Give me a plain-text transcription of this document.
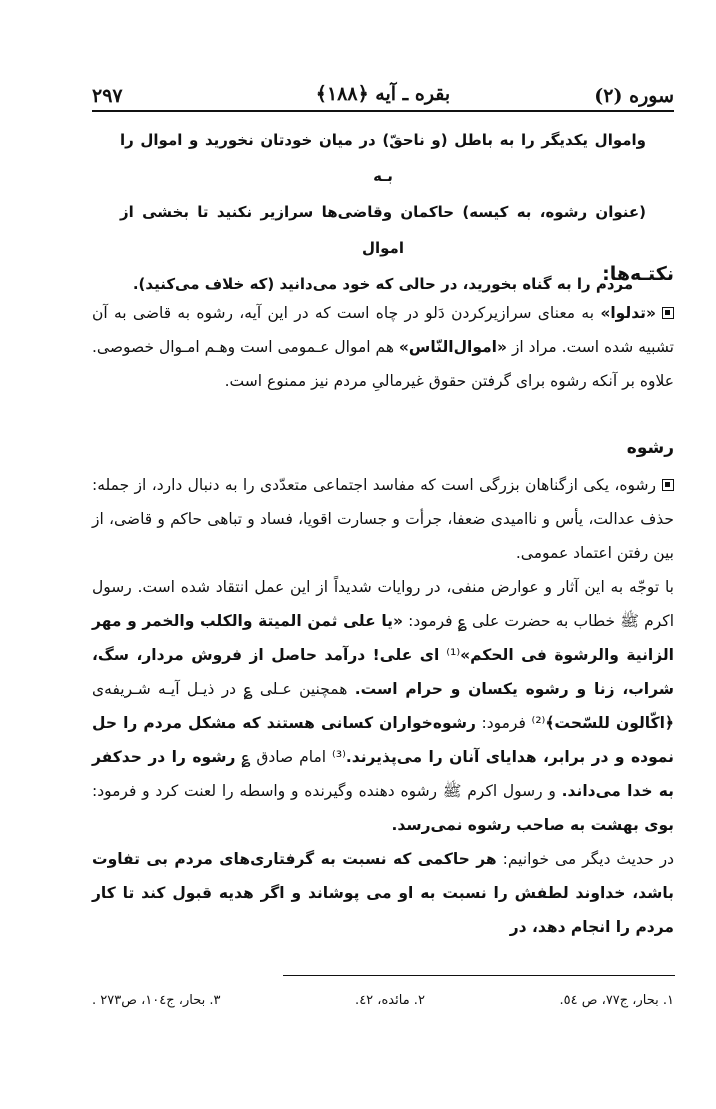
سوره (۲)
بقره ـ آیه ﴿۱۸۸﴾
۲۹۷

واموال یکدیگر را به باطل (و ناحقّ) در میان خودتان نخورید و اموال را بـه

(عنوان رشوه، به کیسه) حاکمان وقاضی‌ها سرازیر نکنید تا بخشی از اموال

مردم را به گناه بخورید، در حالی که خود می‌دانید (که خلاف می‌کنید).

نکتـه‌ها:

«تدلوا» به معنای سرازیرکردن دَلو در چاه است که در این آیه، رشوه به قاضی به آن تشبیه شده است. مراد از «اموال‌النّاس» هم اموال عـمومی است وهـم امـوال خصوصی. علاوه بر آنکه رشوه برای گرفتن حقوق غیرمالیِ مردم نیز ممنوع است.

رشوه

رشوه، یکی ازگناهان بزرگی است که مفاسد اجتماعی متعدّدی را به دنبال دارد، از جمله: حذف عدالت، یأس و ناامیدی ضعفا، جرأت و جسارت اقویا، فساد و تباهی حاکم و قاضی، از بین رفتن اعتماد عمومی.

با توجّه به این آثار و عوارض منفی، در روایات شدیداً از این عمل انتقاد شده است. رسول اکرم ﷺ خطاب به حضرت علی ؏ فرمود: «یا علی ثمن المیتة والکلب والخمر و مهر الزانیة والرشوة فی الحکم»⁽¹⁾ ای علی! درآمد حاصل از فروش مردار، سگ، شراب، زنا و رشوه یکسان و حرام است. همچنین عـلی ؏ در ذیـل آیـه شـریفه‌ی ﴿اکّالون للسّحت﴾⁽²⁾ فرمود: رشوه‌خواران کسانی هستند که مشکل مردم را حل نموده و در برابر، هدایای آنان را می‌پذیرند.⁽³⁾ امام صادق ؏ رشوه را در حدکفر به خدا می‌داند. و رسول اکرم ﷺ رشوه دهنده وگیرنده و واسطه را لعنت کرد و فرمود: بوی بهشت به صاحب رشوه نمی‌رسد.

در حدیث دیگر می خوانیم: هر حاکمی که نسبت به گرفتاری‌های مردم بی تفاوت باشد، خداوند لطفش را نسبت به او می پوشاند و اگر هدیه قبول کند تا کار مردم را انجام دهد، در

۱. بحار، ج۷۷، ص ٥٤.
۲. مائده، ٤۲.
۳. بحار، ج۱۰٤، ص۲۷۳ .
